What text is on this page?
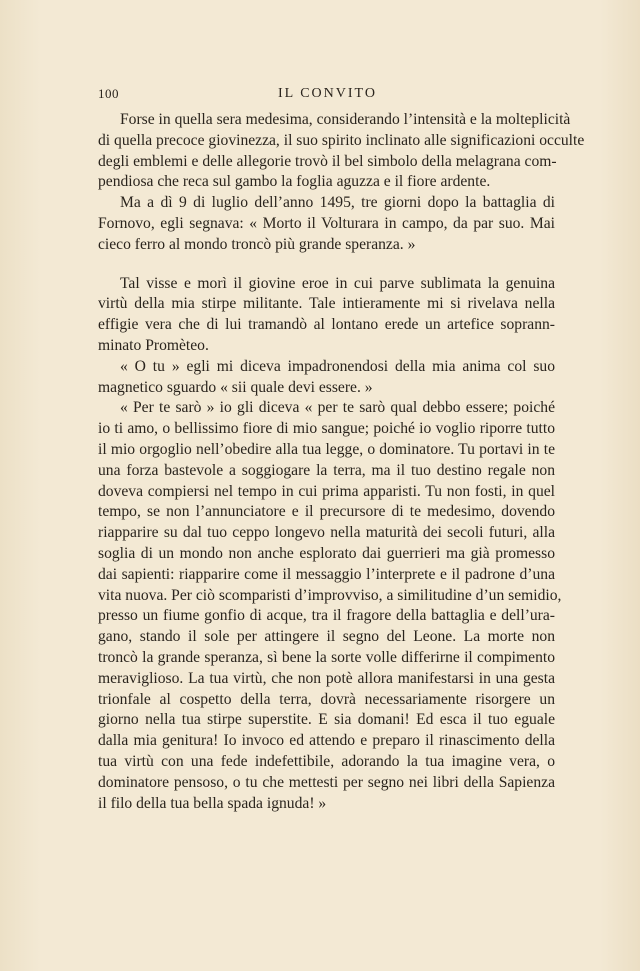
100	IL CONVITO
Forse in quella sera medesima, considerando l’intensità e la molteplicità
di quella precoce giovinezza, il suo spirito inclinato alle significazioni occulte
degli emblemi e delle allegorie trovò il bel simbolo della melagrana com-
pendiosa che reca sul gambo la foglia aguzza e il fiore ardente.
Ma a dì 9 di luglio dell’anno 1495, tre giorni dopo la battaglia di
Fornovo, egli segnava: « Morto il Volturara in campo, da par suo. Mai
cieco ferro al mondo troncò più grande speranza. »
Tal visse e morì il giovine eroe in cui parve sublimata la genuina
virtù della mia stirpe militante. Tale intieramente mi si rivelava nella
effigie vera che di lui tramandò al lontano erede un artefice soprann-
minato Promèteo.
« O tu » egli mi diceva impadronendosi della mia anima col suo
magnetico sguardo « sii quale devi essere. »
« Per te sarò » io gli diceva « per te sarò qual debbo essere; poiché
io ti amo, o bellissimo fiore di mio sangue; poiché io voglio riporre tutto
il mio orgoglio nell’obedire alla tua legge, o dominatore. Tu portavi in te
una forza bastevole a soggiogare la terra, ma il tuo destino regale non
doveva compiersi nel tempo in cui prima apparisti. Tu non fosti, in quel
tempo, se non l’annunciatore e il precursore di te medesimo, dovendo
riapparire su dal tuo ceppo longevo nella maturità dei secoli futuri, alla
soglia di un mondo non anche esplorato dai guerrieri ma già promesso
dai sapienti: riapparire come il messaggio l’interprete e il padrone d’una
vita nuova. Per ciò scomparisti d’improvviso, a similitudine d’un semidio,
presso un fiume gonfio di acque, tra il fragore della battaglia e dell’ura-
gano, stando il sole per attingere il segno del Leone. La morte non
troncò la grande speranza, sì bene la sorte volle differirne il compimento
meraviglioso. La tua virtù, che non potè allora manifestarsi in una gesta
trionfale al cospetto della terra, dovrà necessariamente risorgere un
giorno nella tua stirpe superstite. E sia domani! Ed esca il tuo eguale
dalla mia genitura! Io invoco ed attendo e preparo il rinascimento della
tua virtù con una fede indefettibile, adorando la tua imagine vera, o
dominatore pensoso, o tu che mettesti per segno nei libri della Sapienza
il filo della tua bella spada ignuda! »
